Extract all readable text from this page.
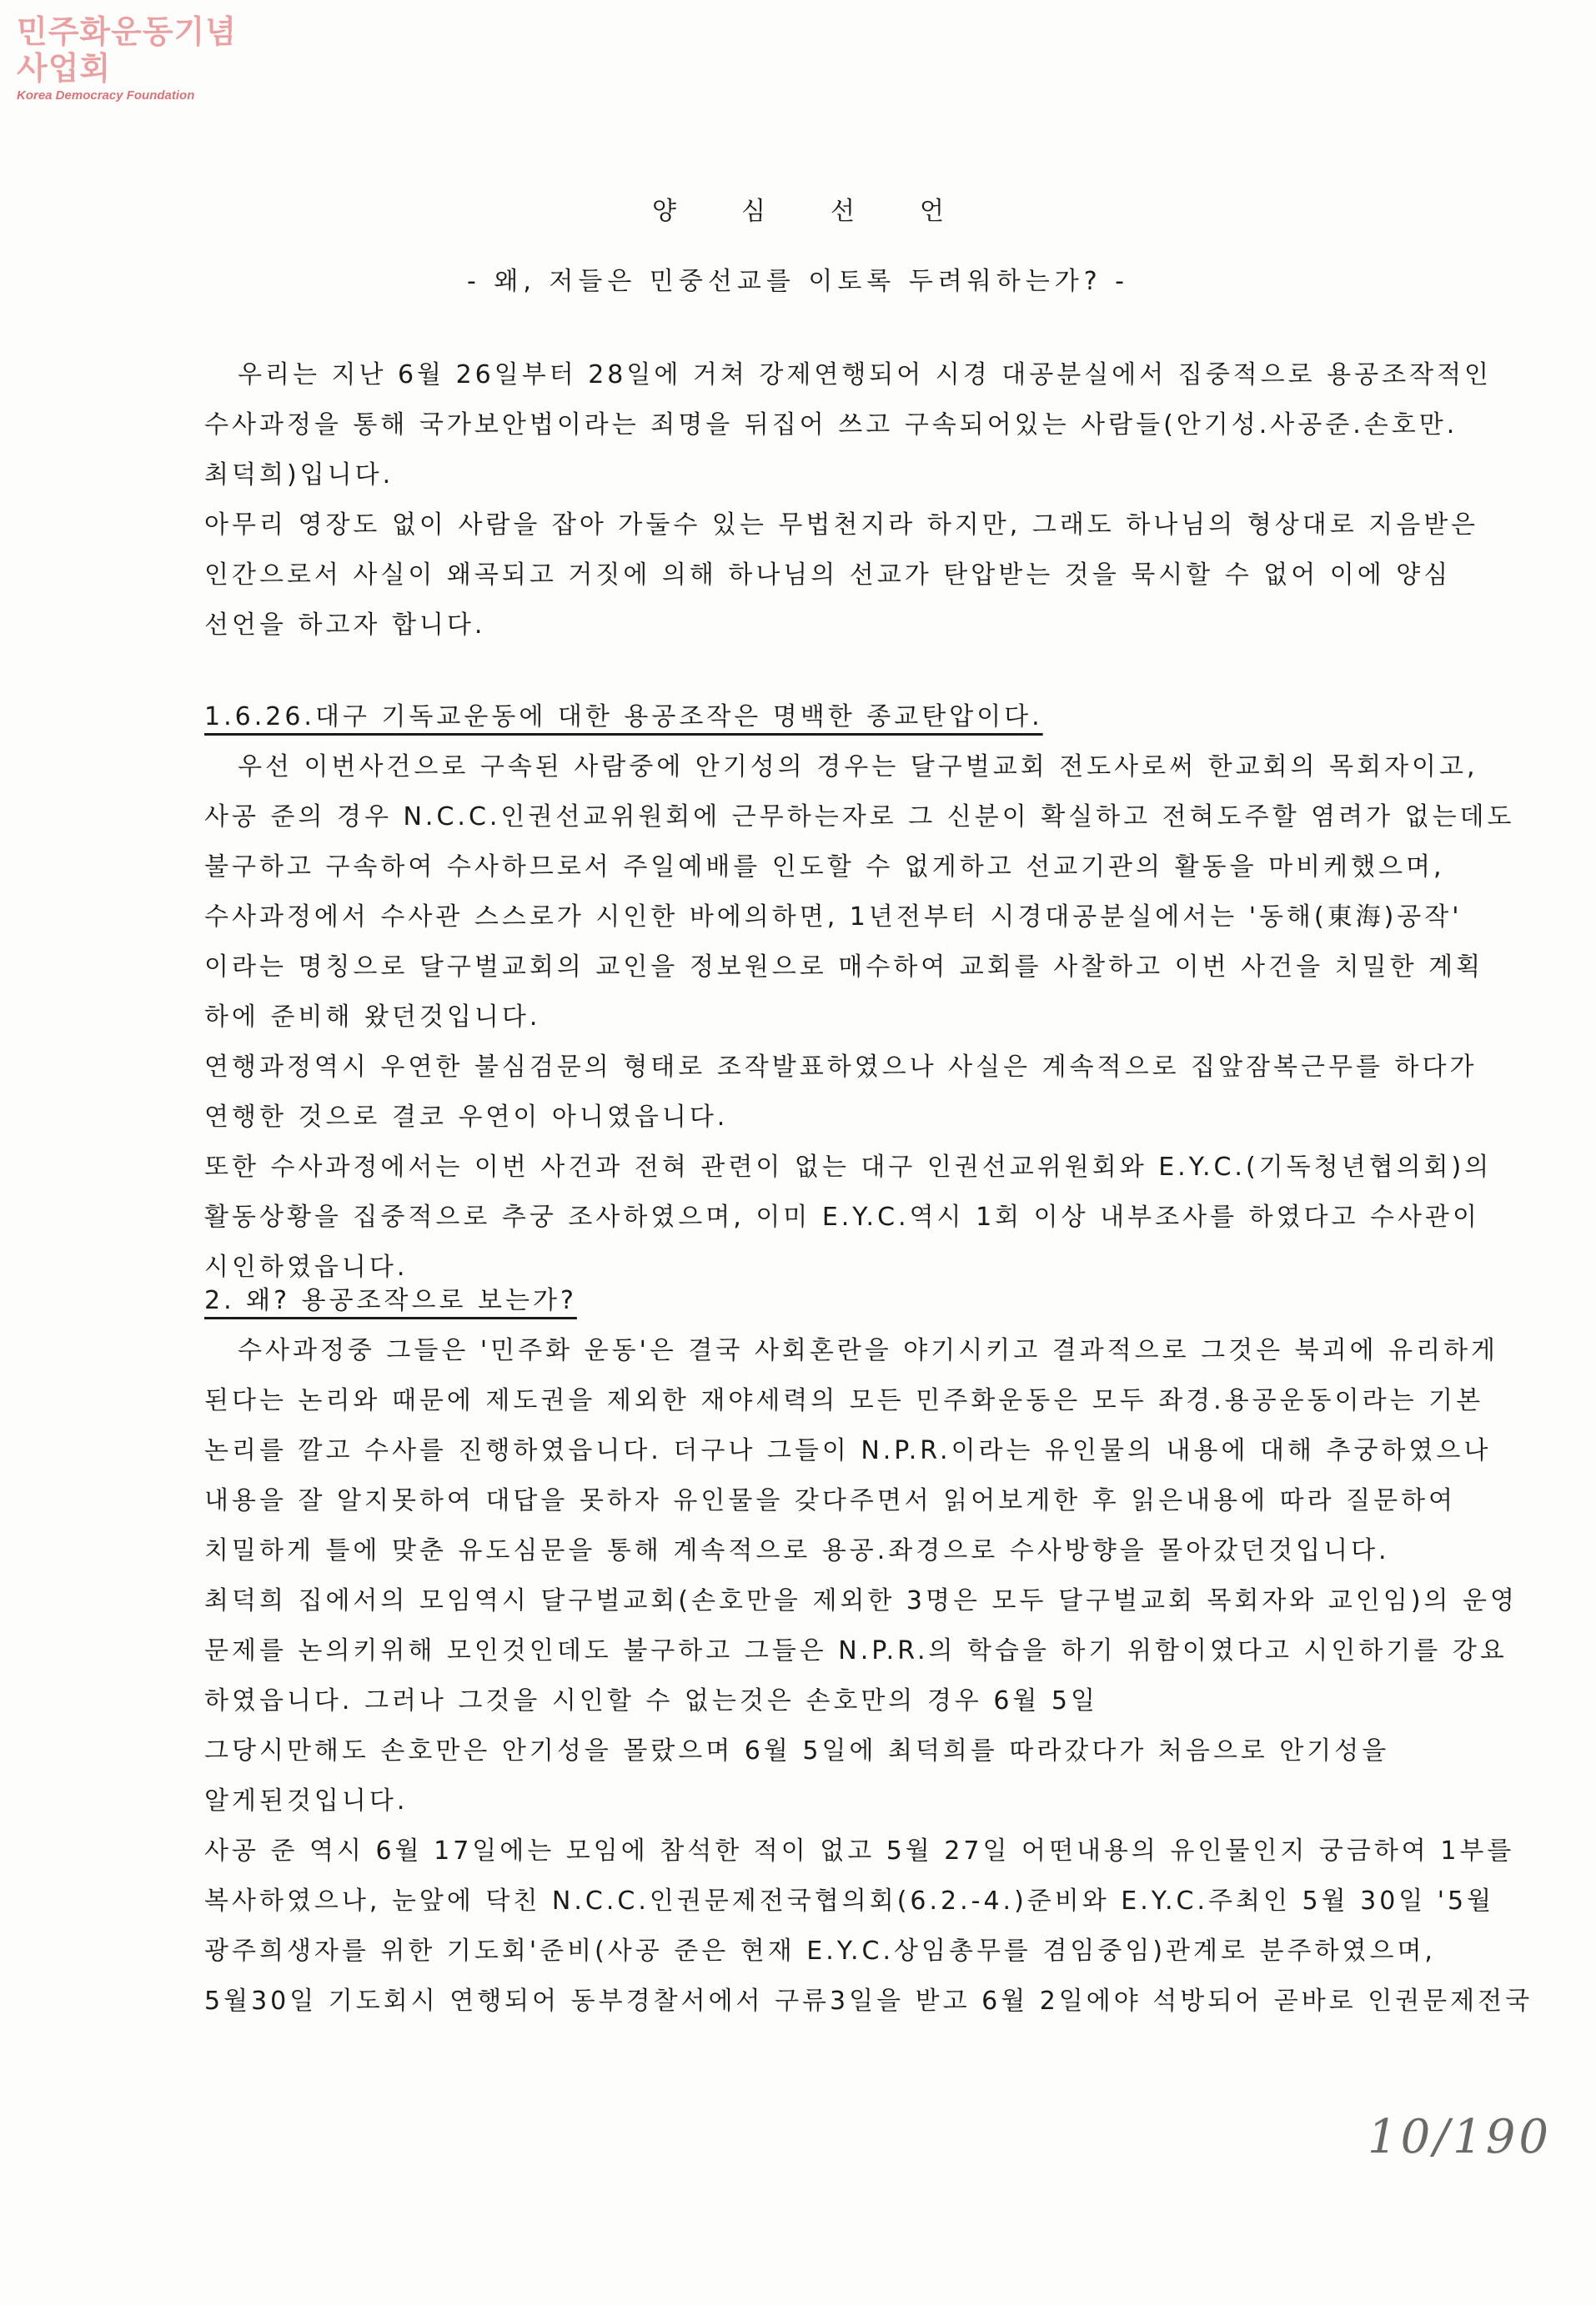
민주화운동기념사업회
Korea Democracy Foundation
양심선언
- 왜, 저들은 민중선교를 이토록 두려워하는가? -
우리는 지난 6월 26일부터 28일에 거쳐 강제연행되어 시경 대공분실에서 집중적으로 용공조작적인
수사과정을 통해 국가보안법이라는 죄명을 뒤집어 쓰고 구속되어있는 사람들(안기성.사공준.손호만.
최덕희)입니다.
아무리 영장도 없이 사람을 잡아 가둘수 있는 무법천지라 하지만, 그래도 하나님의 형상대로 지음받은
인간으로서 사실이 왜곡되고 거짓에 의해 하나님의 선교가 탄압받는 것을 묵시할 수 없어 이에 양심
선언을 하고자 합니다.
1.6.26.대구 기독교운동에 대한 용공조작은 명백한 종교탄압이다.
우선 이번사건으로 구속된 사람중에 안기성의 경우는 달구벌교회 전도사로써 한교회의 목회자이고,
사공 준의 경우 N.C.C.인권선교위원회에 근무하는자로 그 신분이 확실하고 전혀도주할 염려가 없는데도
불구하고 구속하여 수사하므로서 주일예배를 인도할 수 없게하고 선교기관의 활동을 마비케했으며,
수사과정에서 수사관 스스로가 시인한 바에의하면, 1년전부터 시경대공분실에서는 '동해(東海)공작'
이라는 명칭으로 달구벌교회의 교인을 정보원으로 매수하여 교회를 사찰하고 이번 사건을 치밀한 계획
하에 준비해 왔던것입니다.
연행과정역시 우연한 불심검문의 형태로 조작발표하였으나 사실은 계속적으로 집앞잠복근무를 하다가
연행한 것으로 결코 우연이 아니였읍니다.
또한 수사과정에서는 이번 사건과 전혀 관련이 없는 대구 인권선교위원회와 E.Y.C.(기독청년협의회)의
활동상황을 집중적으로 추궁 조사하였으며, 이미 E.Y.C.역시 1회 이상 내부조사를 하였다고 수사관이
시인하였읍니다.
2. 왜? 용공조작으로 보는가?
수사과정중 그들은 '민주화 운동'은 결국 사회혼란을 야기시키고 결과적으로 그것은 북괴에 유리하게
된다는 논리와 때문에 제도권을 제외한 재야세력의 모든 민주화운동은 모두 좌경.용공운동이라는 기본
논리를 깔고 수사를 진행하였읍니다. 더구나 그들이 N.P.R.이라는 유인물의 내용에 대해 추궁하였으나
내용을 잘 알지못하여 대답을 못하자 유인물을 갖다주면서 읽어보게한 후 읽은내용에 따라 질문하여
치밀하게 틀에 맞춘 유도심문을 통해 계속적으로 용공.좌경으로 수사방향을 몰아갔던것입니다.
최덕희 집에서의 모임역시 달구벌교회(손호만을 제외한 3명은 모두 달구벌교회 목회자와 교인임)의 운영
문제를 논의키위해 모인것인데도 불구하고 그들은 N.P.R.의 학습을 하기 위함이였다고 시인하기를 강요
하였읍니다. 그러나 그것을 시인할 수 없는것은 손호만의 경우 6월 5일
그당시만해도 손호만은 안기성을 몰랐으며 6월 5일에 최덕희를 따라갔다가 처음으로 안기성을
알게된것입니다.
사공 준 역시 6월 17일에는 모임에 참석한 적이 없고 5월 27일 어떤내용의 유인물인지 궁금하여 1부를
복사하였으나, 눈앞에 닥친 N.C.C.인권문제전국협의회(6.2.-4.)준비와 E.Y.C.주최인 5월 30일 '5월
광주희생자를 위한 기도회'준비(사공 준은 현재 E.Y.C.상임총무를 겸임중임)관계로 분주하였으며,
5월30일 기도회시 연행되어 동부경찰서에서 구류3일을 받고 6월 2일에야 석방되어 곧바로 인권문제전국
10/190
